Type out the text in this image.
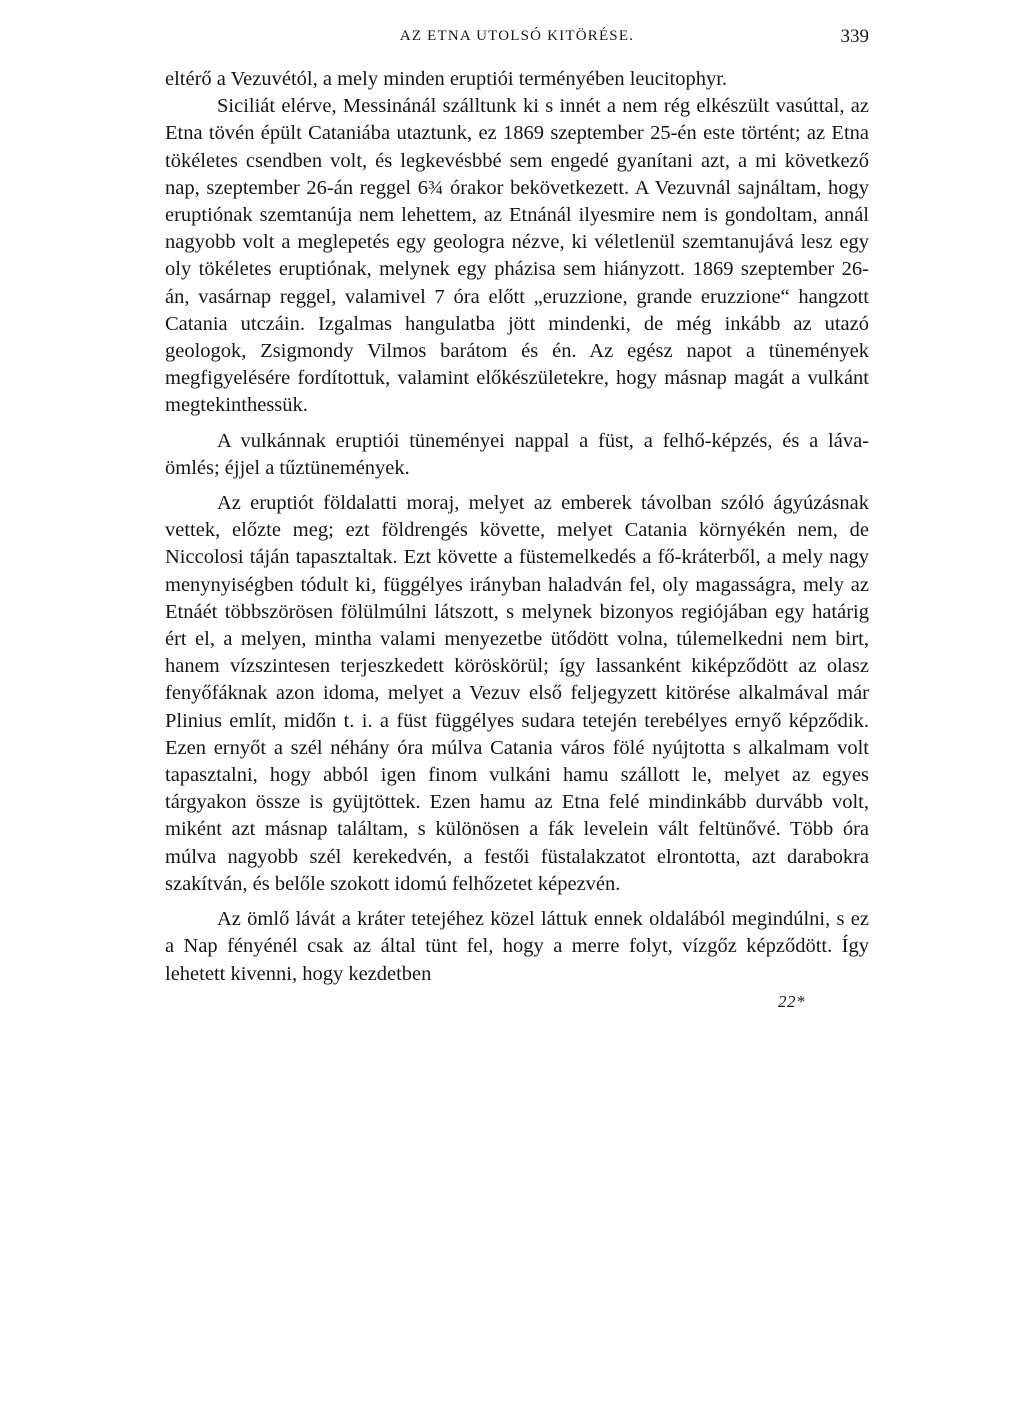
AZ ETNA UTOLSÓ KITÖRÉSE.	339

eltérő a Vezuvétól, a mely minden eruptiói terményében leucitophyr.

Siciliát elérve, Messinánál szálltunk ki s innét a nem rég elkészült vasúttal, az Etna tövén épült Cataniába utaztunk, ez 1869 szeptember 25-én este történt; az Etna tökéletes csendben volt, és legkevésbbé sem engedé gyanítani azt, a mi következő nap, szeptember 26-án reggel 6¾ órakor bekövetkezett. A Vezuvnál sajnáltam, hogy eruptiónak szemtanúja nem lehettem, az Etnánál ilyesmire nem is gondoltam, annál nagyobb volt a meglepetés egy geologra nézve, ki véletlenül szemtanujává lesz egy oly tökéletes eruptiónak, melynek egy pházisa sem hiányzott. 1869 szeptember 26-án, vasárnap reggel, valamivel 7 óra előtt „eruzzione, grande eruzzione“ hangzott Catania utczáin. Izgalmas hangulatba jött mindenki, de még inkább az utazó geologok, Zsigmondy Vilmos barátom és én. Az egész napot a tünemények megfigyelésére fordítottuk, valamint előkészületekre, hogy másnap magát a vulkánt megtekinthessük.

A vulkánnak eruptiói tüneményei nappal a füst, a felhő-képzés, és a láva-ömlés; éjjel a tűztünemények.

Az eruptiót földalatti moraj, melyet az emberek távolban szóló ágyúzásnak vettek, előzte meg; ezt földrengés követte, melyet Catania környékén nem, de Niccolosi táján tapasztaltak. Ezt követte a füstemelkedés a fő-kráterből, a mely nagy menynyiségben tódult ki, függélyes irányban haladván fel, oly magasságra, mely az Etnáét többszörösen fölülmúlni látszott, s melynek bizonyos regiójában egy határig ért el, a melyen, mintha valami menyezetbe ütődött volna, túlemelkedni nem birt, hanem vízszintesen terjeszkedett köröskörül; így lassanként kiképződött az olasz fenyőfáknak azon idoma, melyet a Vezuv első feljegyzett kitörése alkalmával már Plinius említ, midőn t. i. a füst függélyes sudara tetején terebélyes ernyő képződik. Ezen ernyőt a szél néhány óra múlva Catania város fölé nyújtotta s alkalmam volt tapasztalni, hogy abból igen finom vulkáni hamu szállott le, melyet az egyes tárgyakon össze is gyüjtöttek. Ezen hamu az Etna felé mindinkább durvább volt, miként azt másnap találtam, s különösen a fák levelein vált feltünővé. Több óra múlva nagyobb szél kerekedvén, a festői füstalakzatot elrontotta, azt darabokra szakítván, és belőle szokott idomú felhőzetet képezvén.

Az ömlő lávát a kráter tetejéhez közel láttuk ennek oldalából megindúlni, s ez a Nap fényénél csak az által tünt fel, hogy a merre folyt, vízgőz képződött. Így lehetett kivenni, hogy kezdetben

22*
